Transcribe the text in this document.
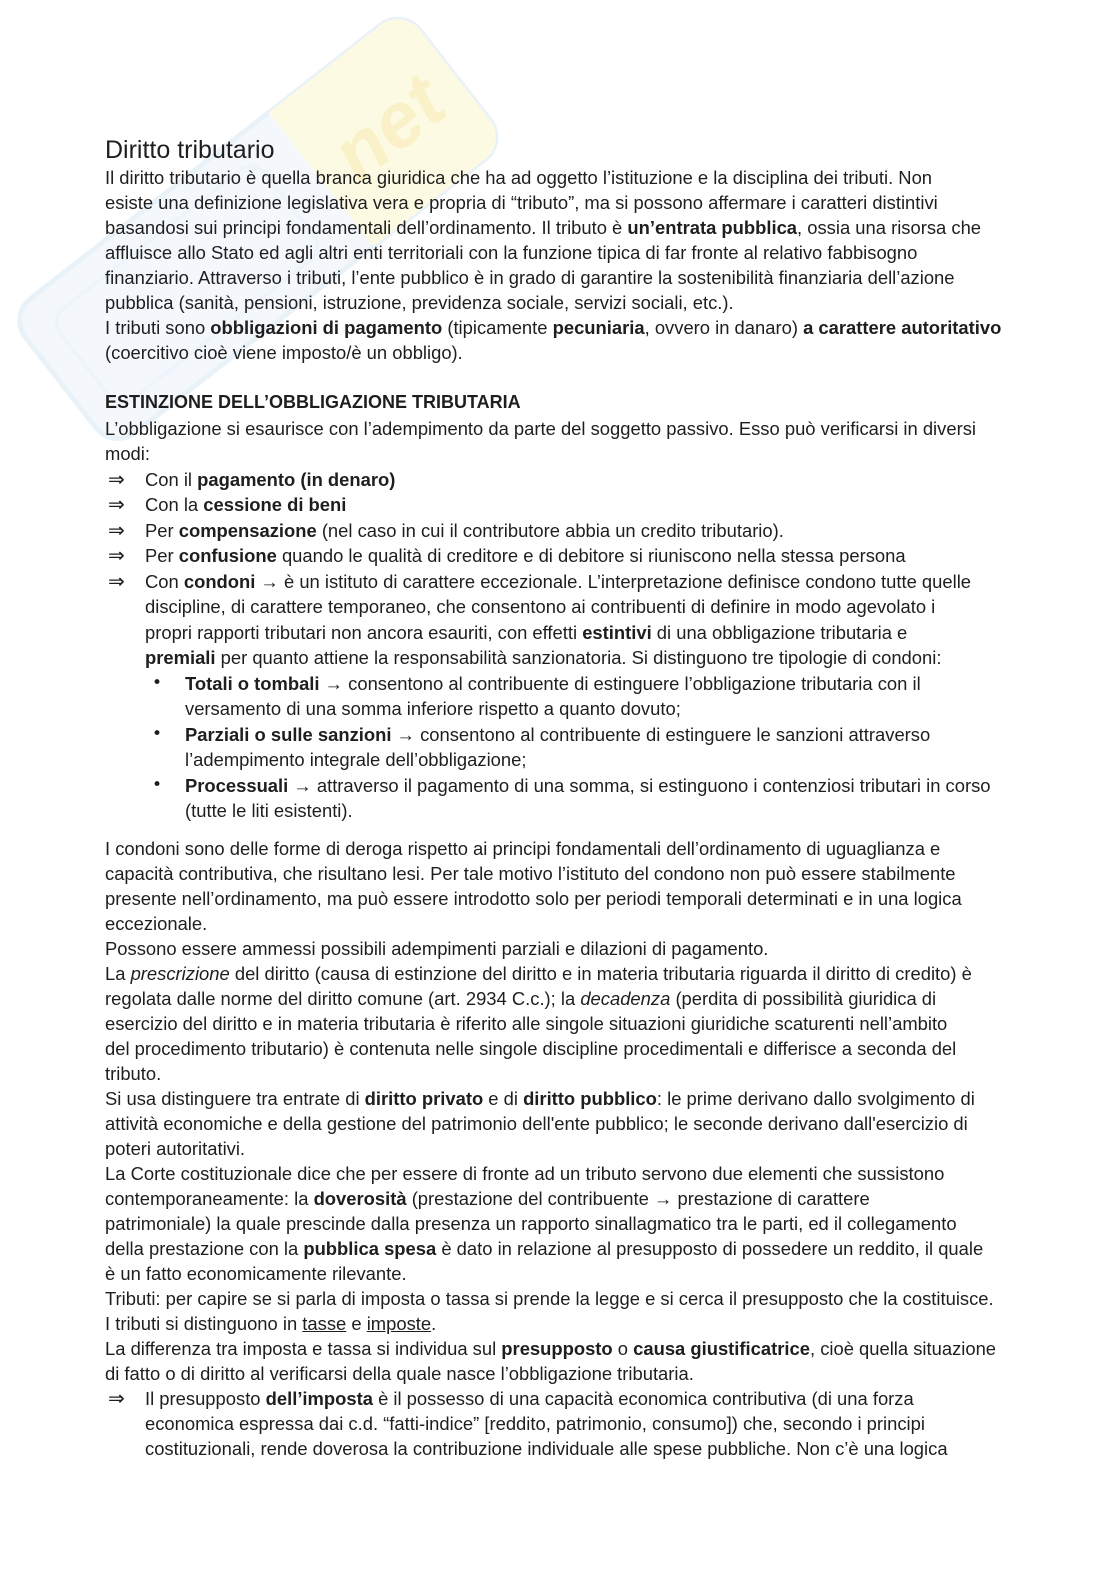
net
Diritto tributario
Il diritto tributario è quella branca giuridica che ha ad oggetto l’istituzione e la disciplina dei tributi. Non
esiste una definizione legislativa vera e propria di “tributo”, ma si possono affermare i caratteri distintivi
basandosi sui principi fondamentali dell’ordinamento. Il tributo è un’entrata pubblica, ossia una risorsa che
affluisce allo Stato ed agli altri enti territoriali con la funzione tipica di far fronte al relativo fabbisogno
finanziario. Attraverso i tributi, l’ente pubblico è in grado di garantire la sostenibilità finanziaria dell’azione
pubblica (sanità, pensioni, istruzione, previdenza sociale, servizi sociali, etc.).
I tributi sono obbligazioni di pagamento (tipicamente pecuniaria, ovvero in danaro) a carattere autoritativo
(coercitivo cioè viene imposto/è un obbligo).
ESTINZIONE DELL’OBBLIGAZIONE TRIBUTARIA
L’obbligazione si esaurisce con l’adempimento da parte del soggetto passivo. Esso può verificarsi in diversi
modi:
⇒ Con il pagamento (in denaro)
⇒ Con la cessione di beni
⇒ Per compensazione (nel caso in cui il contributore abbia un credito tributario).
⇒ Per confusione quando le qualità di creditore e di debitore si riuniscono nella stessa persona
⇒ Con condoni → è un istituto di carattere eccezionale. L’interpretazione definisce condono tutte quelle
discipline, di carattere temporaneo, che consentono ai contribuenti di definire in modo agevolato i
propri rapporti tributari non ancora esauriti, con effetti estintivi di una obbligazione tributaria e
premiali per quanto attiene la responsabilità sanzionatoria. Si distinguono tre tipologie di condoni:
• Totali o tombali → consentono al contribuente di estinguere l’obbligazione tributaria con il
versamento di una somma inferiore rispetto a quanto dovuto;
• Parziali o sulle sanzioni → consentono al contribuente di estinguere le sanzioni attraverso
l’adempimento integrale dell’obbligazione;
• Processuali → attraverso il pagamento di una somma, si estinguono i contenziosi tributari in corso
(tutte le liti esistenti).
I condoni sono delle forme di deroga rispetto ai principi fondamentali dell’ordinamento di uguaglianza e
capacità contributiva, che risultano lesi. Per tale motivo l’istituto del condono non può essere stabilmente
presente nell’ordinamento, ma può essere introdotto solo per periodi temporali determinati e in una logica
eccezionale.
Possono essere ammessi possibili adempimenti parziali e dilazioni di pagamento.
La prescrizione del diritto (causa di estinzione del diritto e in materia tributaria riguarda il diritto di credito) è
regolata dalle norme del diritto comune (art. 2934 C.c.); la decadenza (perdita di possibilità giuridica di
esercizio del diritto e in materia tributaria è riferito alle singole situazioni giuridiche scaturenti nell’ambito
del procedimento tributario) è contenuta nelle singole discipline procedimentali e differisce a seconda del
tributo.
Si usa distinguere tra entrate di diritto privato e di diritto pubblico: le prime derivano dallo svolgimento di
attività economiche e della gestione del patrimonio dell'ente pubblico; le seconde derivano dall'esercizio di
poteri autoritativi.
La Corte costituzionale dice che per essere di fronte ad un tributo servono due elementi che sussistono
contemporaneamente: la doverosità (prestazione del contribuente → prestazione di carattere
patrimoniale) la quale prescinde dalla presenza un rapporto sinallagmatico tra le parti, ed il collegamento
della prestazione con la pubblica spesa è dato in relazione al presupposto di possedere un reddito, il quale
è un fatto economicamente rilevante.
Tributi: per capire se si parla di imposta o tassa si prende la legge e si cerca il presupposto che la costituisce.
I tributi si distinguono in tasse e imposte.
La differenza tra imposta e tassa si individua sul presupposto o causa giustificatrice, cioè quella situazione
di fatto o di diritto al verificarsi della quale nasce l’obbligazione tributaria.
⇒ Il presupposto dell’imposta è il possesso di una capacità economica contributiva (di una forza
economica espressa dai c.d. “fatti-indice” [reddito, patrimonio, consumo]) che, secondo i principi
costituzionali, rende doverosa la contribuzione individuale alle spese pubbliche. Non c’è una logica
